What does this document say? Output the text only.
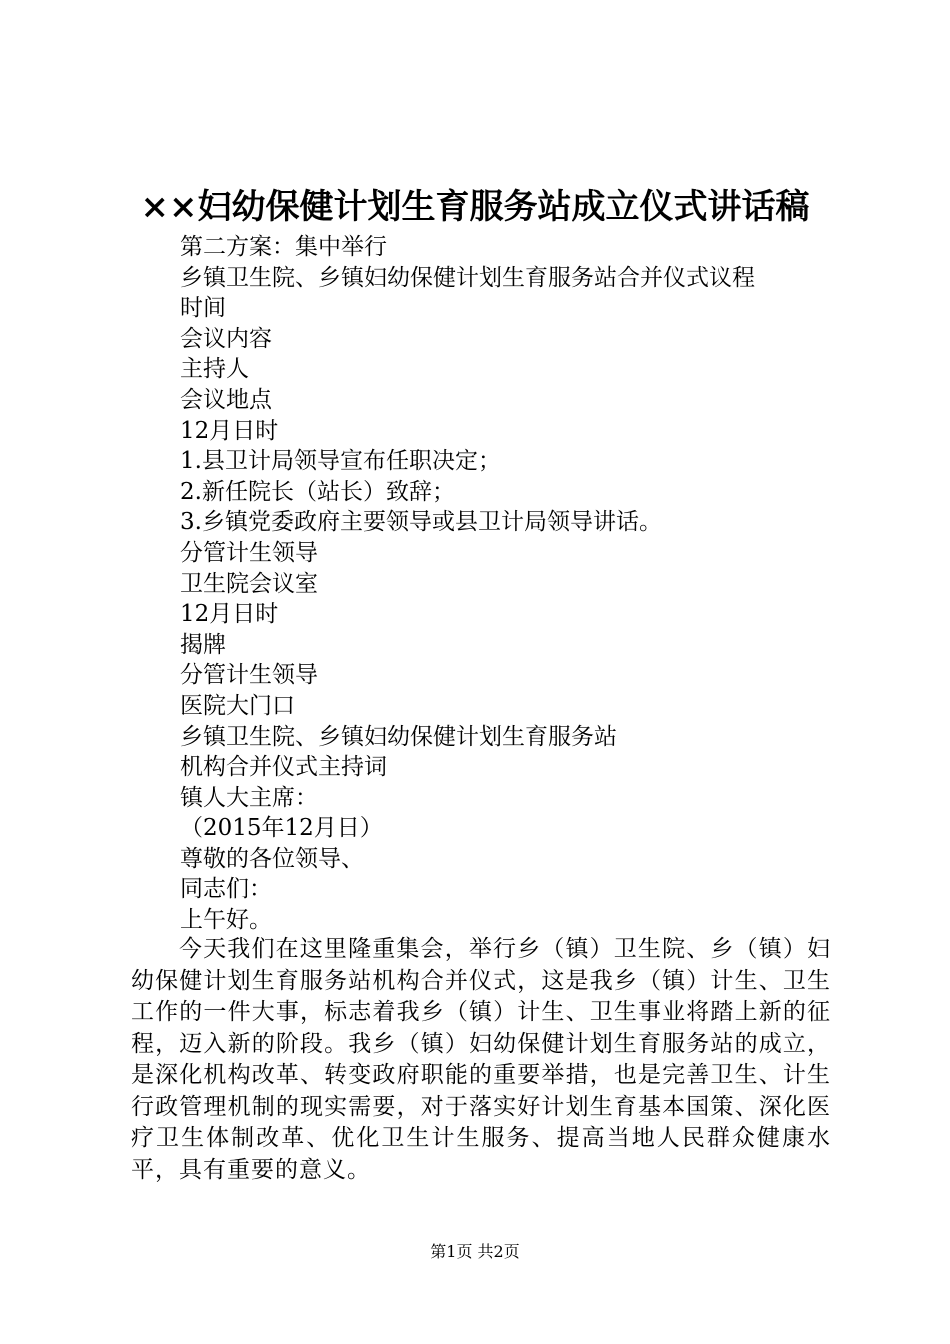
××妇幼保健计划生育服务站成立仪式讲话稿
第二方案：集中举行
乡镇卫生院、乡镇妇幼保健计划生育服务站合并仪式议程
时间
会议内容
主持人
会议地点
12月日时
1.县卫计局领导宣布任职决定；
2.新任院长（站长）致辞；
3.乡镇党委政府主要领导或县卫计局领导讲话。
分管计生领导
卫生院会议室
12月日时
揭牌
分管计生领导
医院大门口
乡镇卫生院、乡镇妇幼保健计划生育服务站
机构合并仪式主持词
镇人大主席：
（2015年12月日）
尊敬的各位领导、
同志们：
上午好。
今天我们在这里隆重集会，举行乡（镇）卫生院、乡（镇）妇幼保健计划生育服务站机构合并仪式，这是我乡（镇）计生、卫生工作的一件大事，标志着我乡（镇）计生、卫生事业将踏上新的征程，迈入新的阶段。我乡（镇）妇幼保健计划生育服务站的成立，是深化机构改革、转变政府职能的重要举措，也是完善卫生、计生行政管理机制的现实需要，对于落实好计划生育基本国策、深化医疗卫生体制改革、优化卫生计生服务、提高当地人民群众健康水平，具有重要的意义。
第1页 共2页
